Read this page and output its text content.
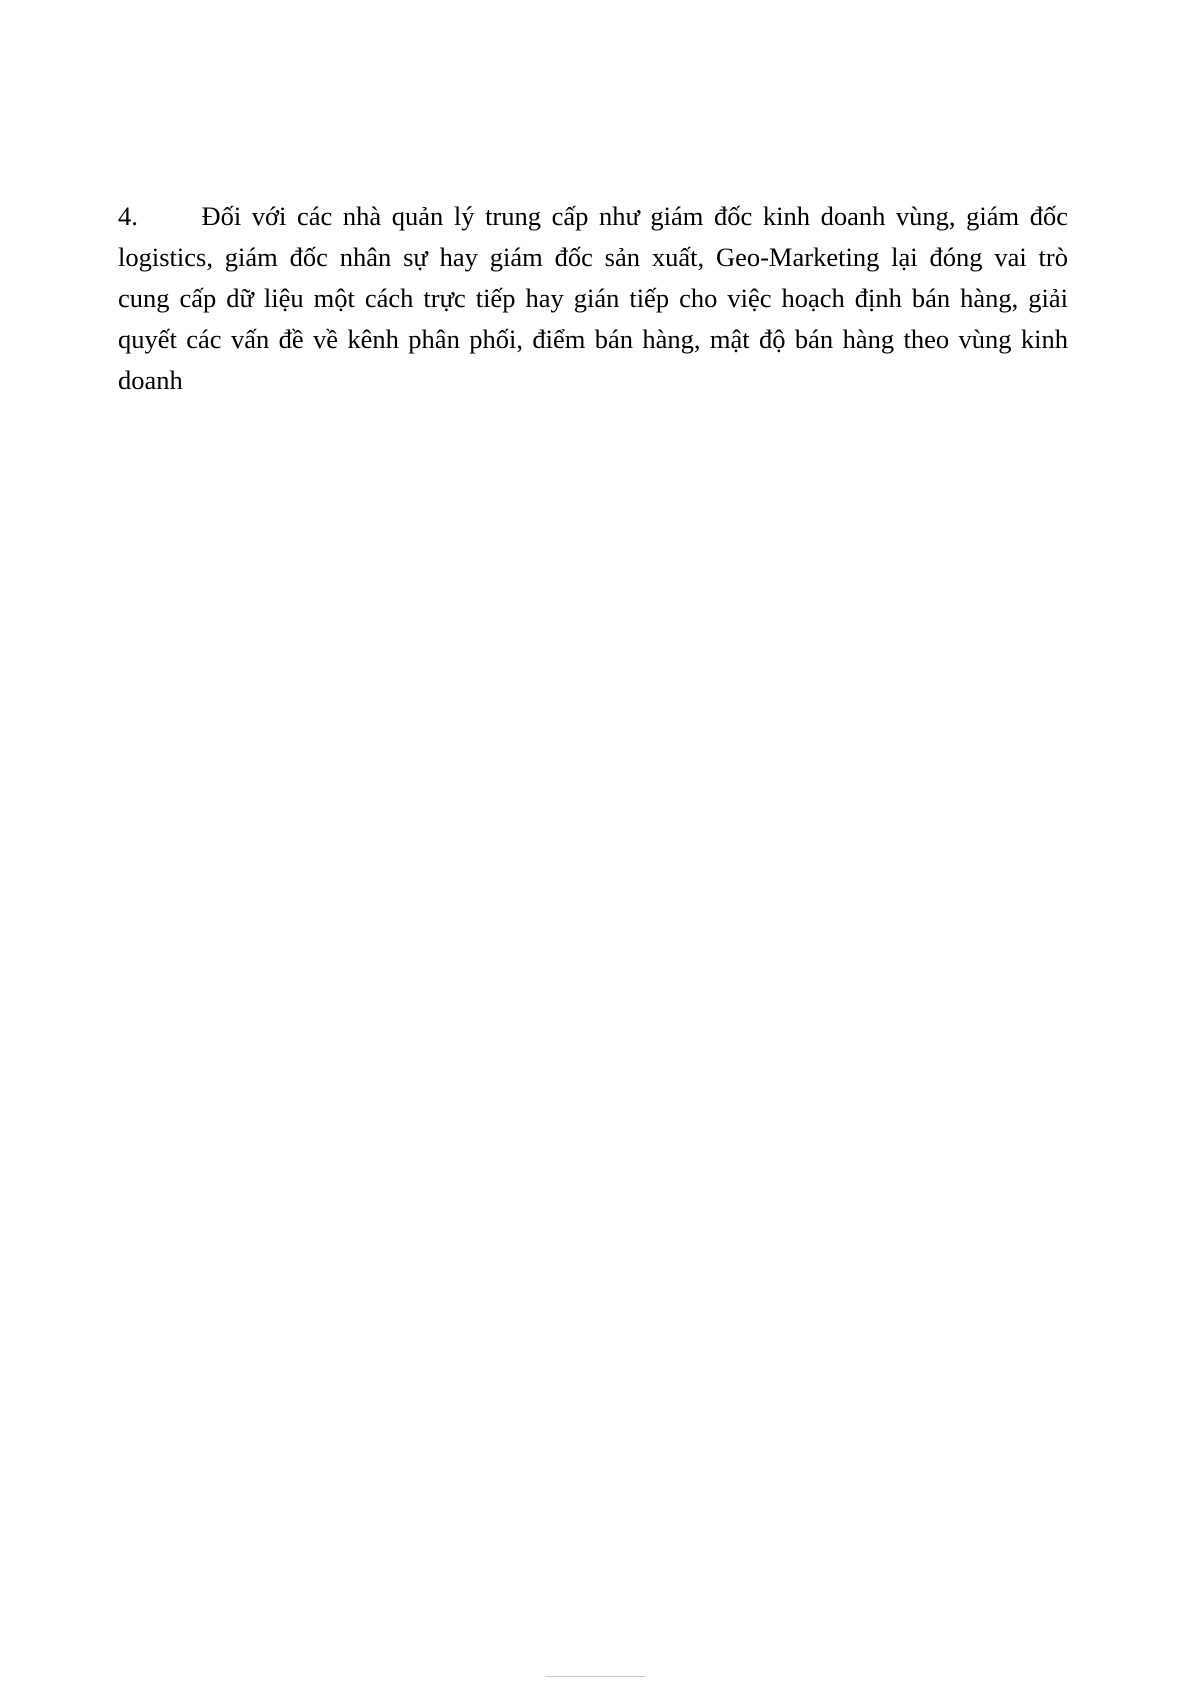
4. Đối với các nhà quản lý trung cấp như giám đốc kinh doanh vùng, giám đốc logistics, giám đốc nhân sự hay giám đốc sản xuất, Geo-Marketing lại đóng vai trò cung cấp dữ liệu một cách trực tiếp hay gián tiếp cho việc hoạch định bán hàng, giải quyết các vấn đề về kênh phân phối, điểm bán hàng, mật độ bán hàng theo vùng kinh doanh
